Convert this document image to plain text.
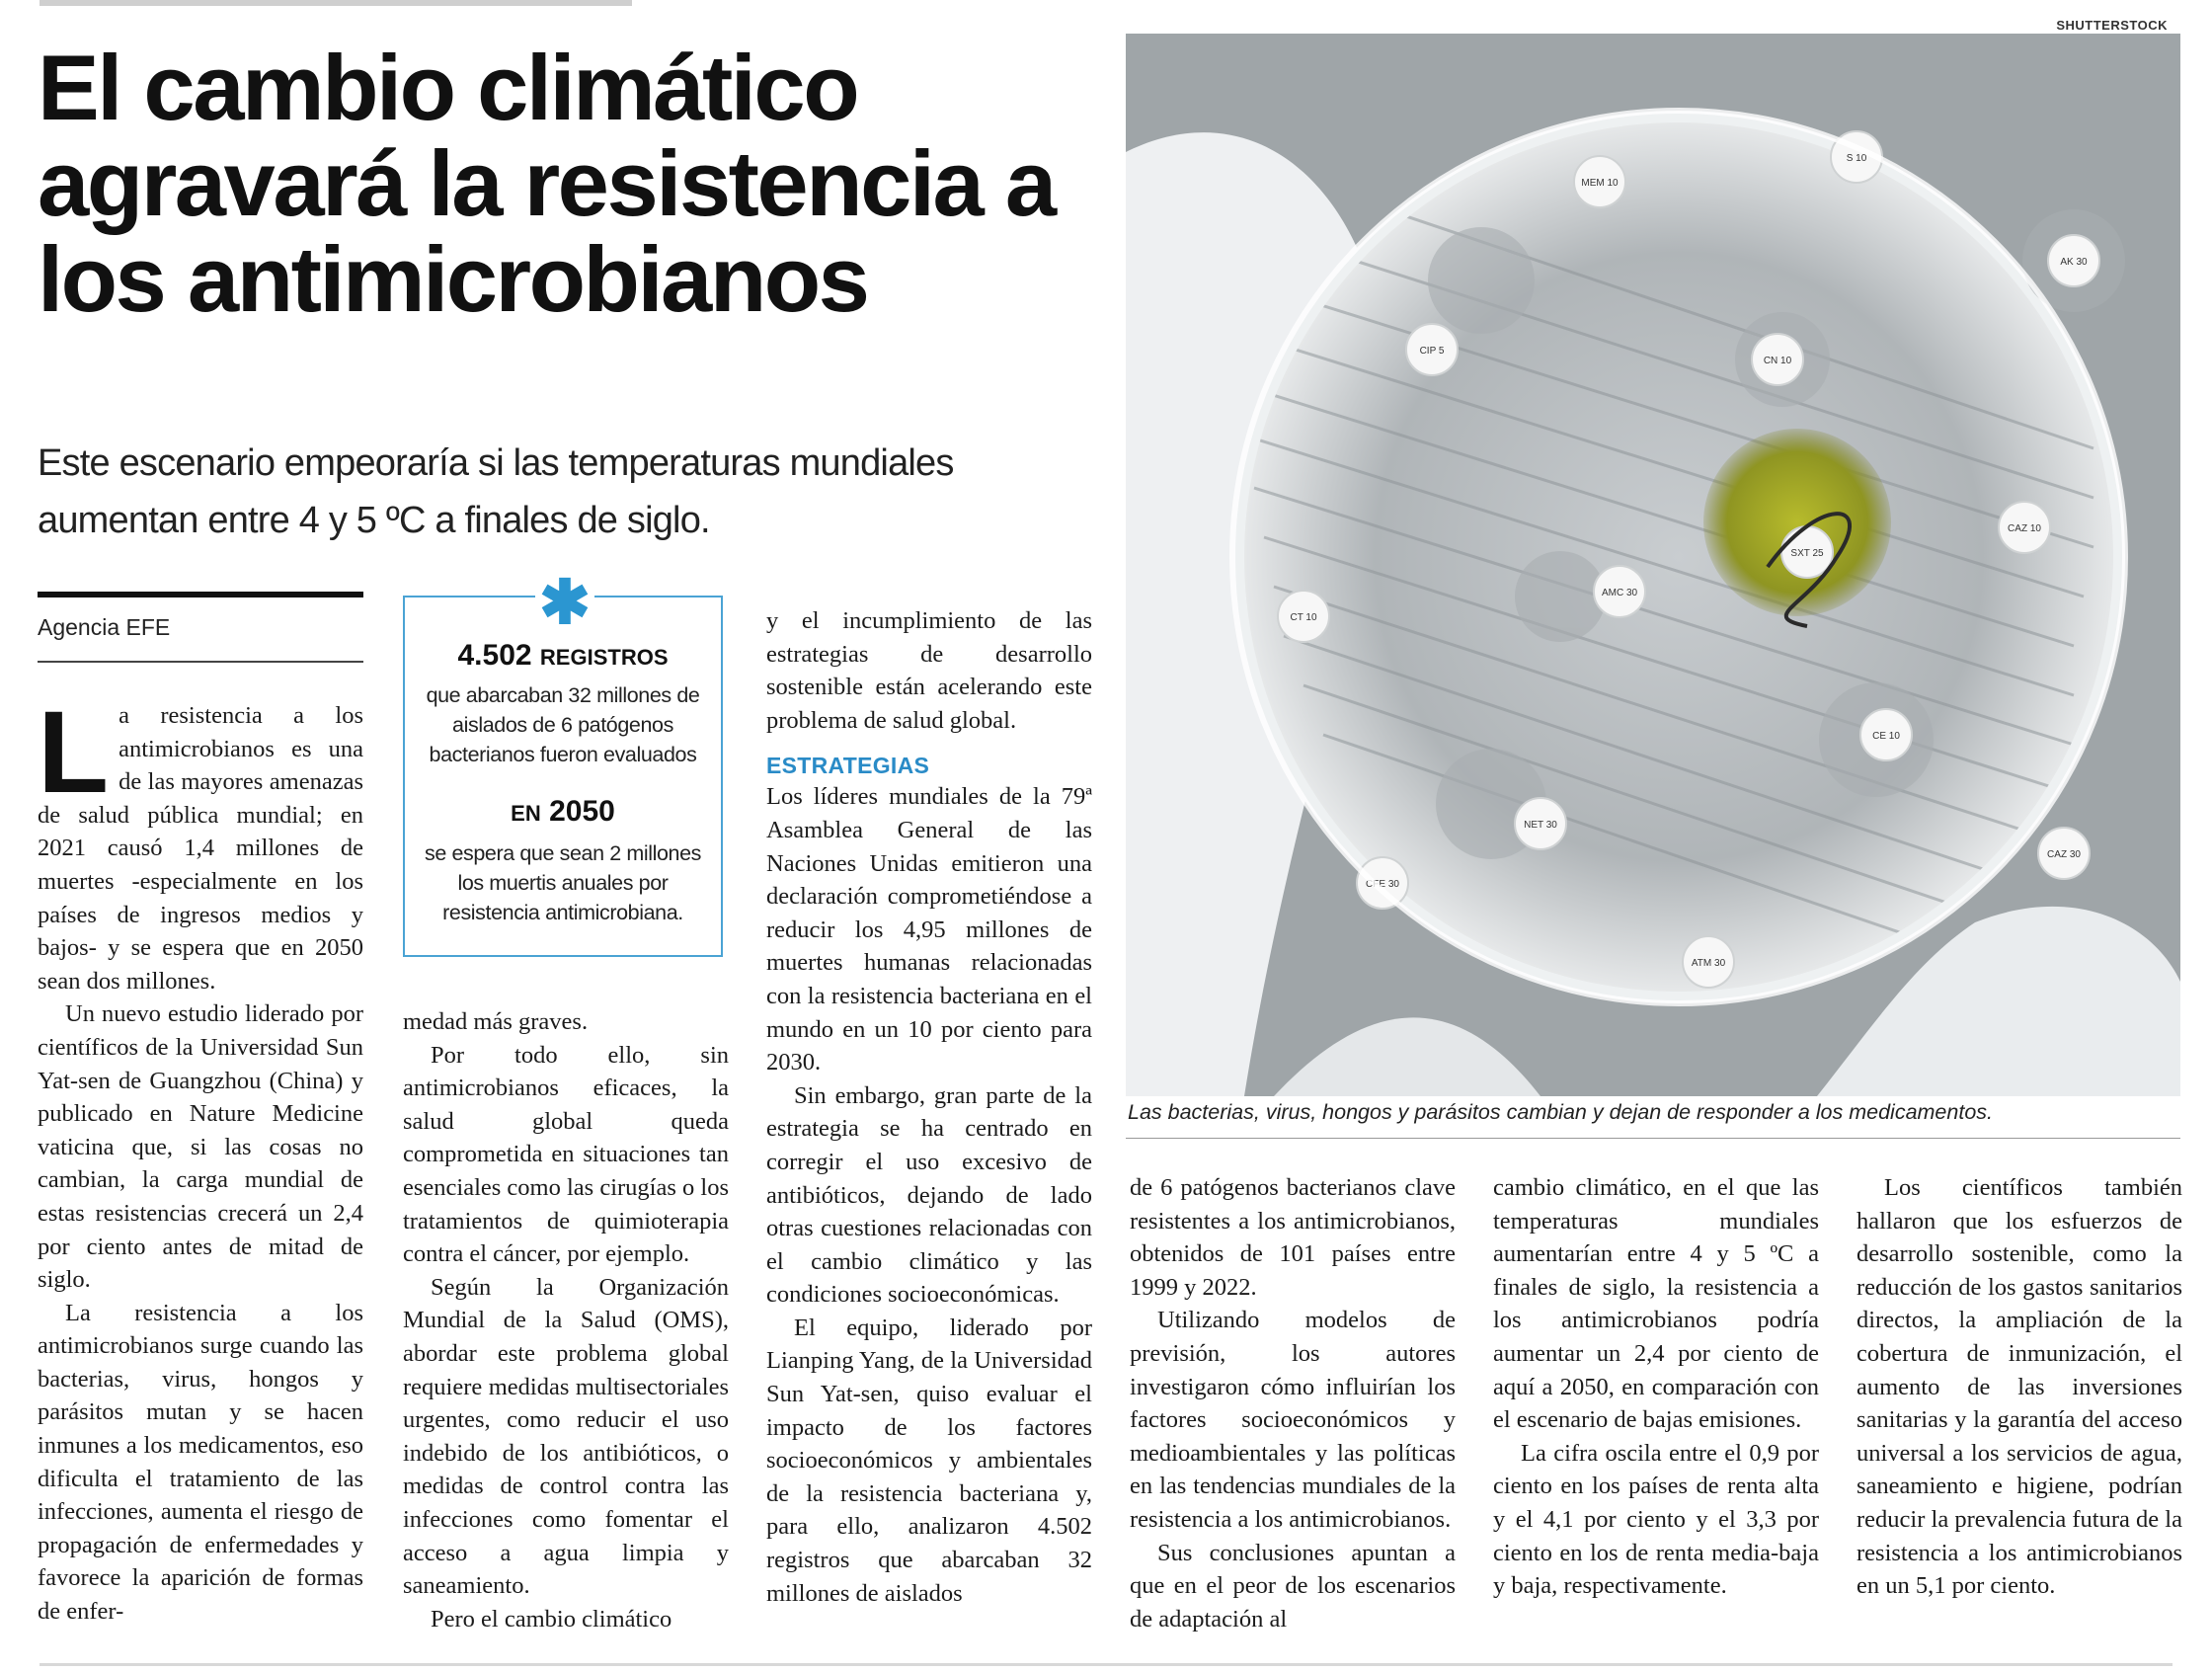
El cambio climático agravará la resistencia a los antimicrobianos

Este escenario empeoraría si las temperaturas mundiales aumentan entre 4 y 5 ºC a finales de siglo.

Agencia EFE

La resistencia a los antimicrobianos es una de las mayores amenazas de salud pública mundial; en 2021 causó 1,4 millones de muertes -especialmente en los países de ingresos medios y bajos- y se espera que en 2050 sean dos millones.

Un nuevo estudio liderado por científicos de la Universidad Sun Yat-sen de Guangzhou (China) y publicado en Nature Medicine vaticina que, si las cosas no cambian, la carga mundial de estas resistencias crecerá un 2,4 por ciento antes de mitad de siglo.

La resistencia a los antimicrobianos surge cuando las bacterias, virus, hongos y parásitos mutan y se hacen inmunes a los medicamentos, eso dificulta el tratamiento de las infecciones, aumenta el riesgo de propagación de enfermedades y favorece la aparición de formas de enfer-

✱
4.502 REGISTROS
que abarcaban 32 millones de aislados de 6 patógenos bacterianos fueron evaluados
EN 2050
se espera que sean 2 millones los muertis anuales por resistencia antimicrobiana.

medad más graves.

Por todo ello, sin antimicrobianos eficaces, la salud global queda comprometida en situaciones tan esenciales como las cirugías o los tratamientos de quimioterapia contra el cáncer, por ejemplo.

Según la Organización Mundial de la Salud (OMS), abordar este problema global requiere medidas multisectoriales urgentes, como reducir el uso indebido de los antibióticos, o medidas de control contra las infecciones como fomentar el acceso a agua limpia y saneamiento.

Pero el cambio climático

y el incumplimiento de las estrategias de desarrollo sostenible están acelerando este problema de salud global.

ESTRATEGIAS

Los líderes mundiales de la 79ª Asamblea General de las Naciones Unidas emitieron una declaración comprometiéndose a reducir los 4,95 millones de muertes humanas relacionadas con la resistencia bacteriana en el mundo en un 10 por ciento para 2030.

Sin embargo, gran parte de la estrategia se ha centrado en corregir el uso excesivo de antibióticos, dejando de lado otras cuestiones relacionadas con el cambio climático y las condiciones socioeconómicas.

El equipo, liderado por Lianping Yang, de la Universidad Sun Yat-sen, quiso evaluar el impacto de los factores socioeconómicos y ambientales de la resistencia bacteriana y, para ello, analizaron 4.502 registros que abarcaban 32 millones de aislados

SHUTTERSTOCK
S 10
MEM 10
AK 30
CN 10
CIP 5
CT 10
AMC 30
SXT 25
CAZ 10
CFE 30
NET 30
CE 10
CAZ 30
ATM 30
Las bacterias, virus, hongos y parásitos cambian y dejan de responder a los medicamentos.

de 6 patógenos bacterianos clave resistentes a los antimicrobianos, obtenidos de 101 países entre 1999 y 2022.

Utilizando modelos de previsión, los autores investigaron cómo influirían los factores socioeconómicos y medioambientales y las políticas en las tendencias mundiales de la resistencia a los antimicrobianos.

Sus conclusiones apuntan a que en el peor de los escenarios de adaptación al

cambio climático, en el que las temperaturas mundiales aumentarían entre 4 y 5 ºC a finales de siglo, la resistencia a los antimicrobianos podría aumentar un 2,4 por ciento de aquí a 2050, en comparación con el escenario de bajas emisiones.

La cifra oscila entre el 0,9 por ciento en los países de renta alta y el 4,1 por ciento y el 3,3 por ciento en los de renta media-baja y baja, respectivamente.

Los científicos también hallaron que los esfuerzos de desarrollo sostenible, como la reducción de los gastos sanitarios directos, la ampliación de la cobertura de inmunización, el aumento de las inversiones sanitarias y la garantía del acceso universal a los servicios de agua, saneamiento e higiene, podrían reducir la prevalencia futura de la resistencia a los antimicrobianos en un 5,1 por ciento.
